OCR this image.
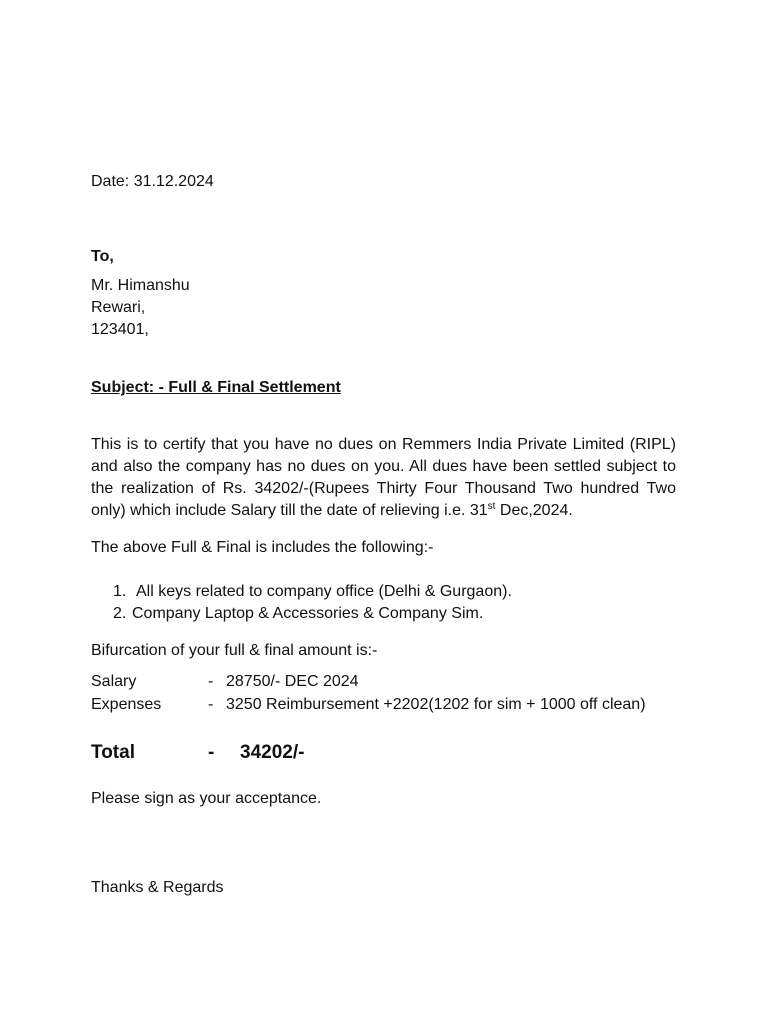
Date: 31.12.2024
To,
Mr. Himanshu
Rewari,
123401,
Subject: - Full & Final Settlement
This is to certify that you have no dues on Remmers India Private Limited (RIPL) and also the company has no dues on you. All dues have been settled subject to the realization of Rs. 34202/-(Rupees Thirty Four Thousand Two hundred Two only) which include Salary till the date of relieving i.e. 31st Dec,2024.
The above Full & Final is includes the following:-
1. All keys related to company office (Delhi & Gurgaon).
2. Company Laptop & Accessories & Company Sim.
Bifurcation of your full & final amount is:-
Salary	- 28750/- DEC 2024
Expenses	- 3250 Reimbursement +2202(1202 for sim + 1000 off clean)
Total	- 34202/-
Please sign as your acceptance.
Thanks & Regards
